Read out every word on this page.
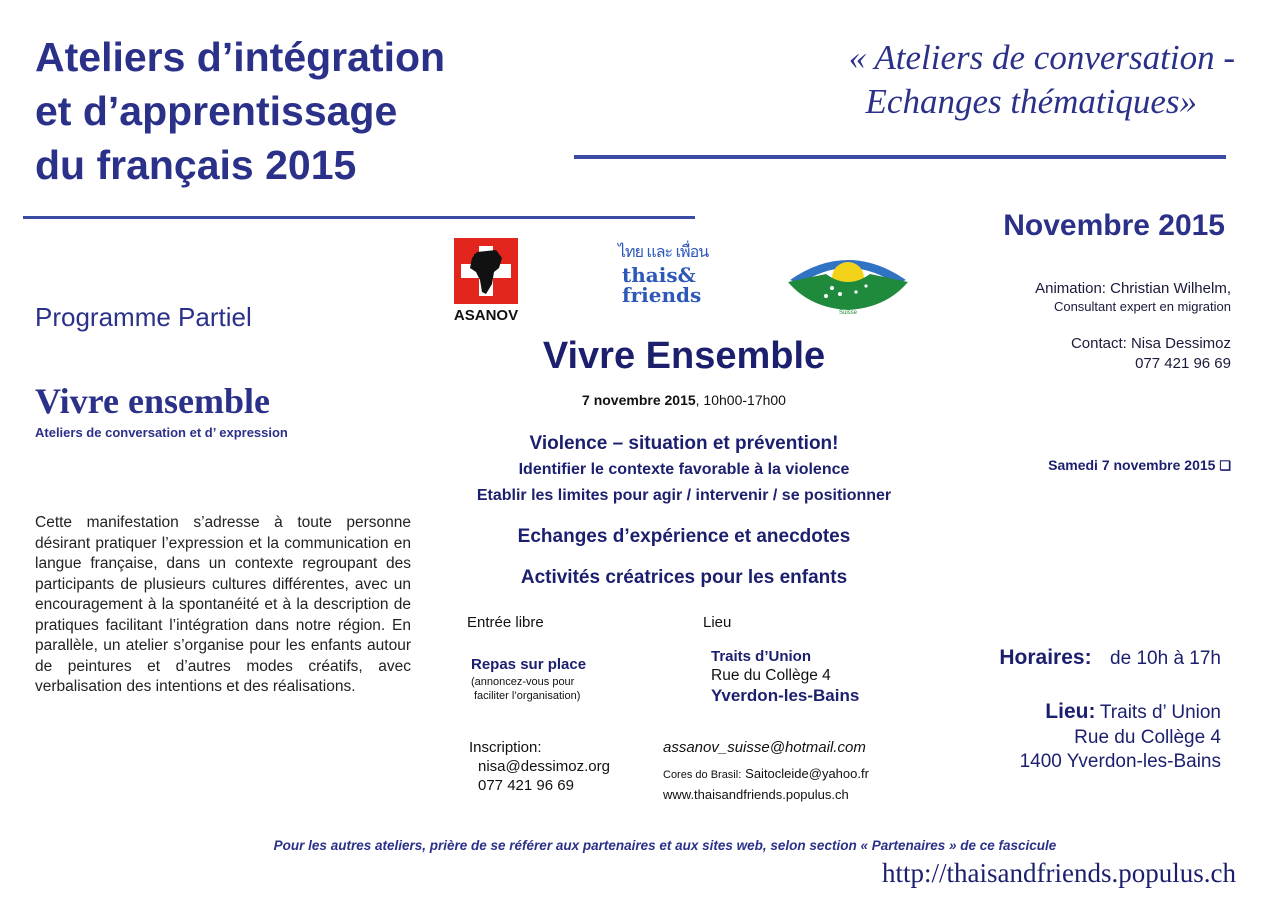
Ateliers d’intégration
et d’apprentissage
du français 2015
« Ateliers de conversation -
Echanges thématiques»
Programme Partiel
Vivre ensemble
Ateliers de conversation et d’ expression
Cette manifestation s’adresse à toute personne désirant pratiquer l’expression et la communication en langue française, dans un contexte regroupant des participants de plusieurs cultures différentes, avec un encouragement à la spontanéité et à la description de pratiques facilitant l’intégration dans notre région. En parallèle, un atelier s’organise pour les enfants autour de peintures et d’autres modes créatifs, avec verbalisation des intentions et des réalisations.
ASANOV
ไทย และ เพื่อน
thais&
friends
Suisse
Vivre Ensemble
7 novembre 2015, 10h00-17h00
Violence – situation et prévention!
Identifier le contexte favorable à la violence
Etablir les limites pour agir / intervenir / se positionner
Echanges d’expérience et anecdotes
Activités créatrices pour les enfants
Entrée libre	Lieu
Repas sur place
(annoncez-vous pour
faciliter l’organisation)
Traits d’Union
Rue du Collège 4
Yverdon-les-Bains
Inscription:
nisa@dessimoz.org
077 421 96 69
assanov_suisse@hotmail.com
Cores do Brasil: Saitocleide@yahoo.fr
www.thaisandfriends.populus.ch
Novembre 2015
Animation: Christian Wilhelm,
Consultant expert en migration
Contact: Nisa Dessimoz
077 421 96 69
Samedi 7 novembre 2015 ❏
Horaires: de 10h à 17h
Lieu: Traits d’ Union
Rue du Collège 4
1400 Yverdon-les-Bains
Pour les autres ateliers, prière de se référer aux partenaires et aux sites web, selon section « Partenaires » de ce fascicule
http://thaisandfriends.populus.ch
